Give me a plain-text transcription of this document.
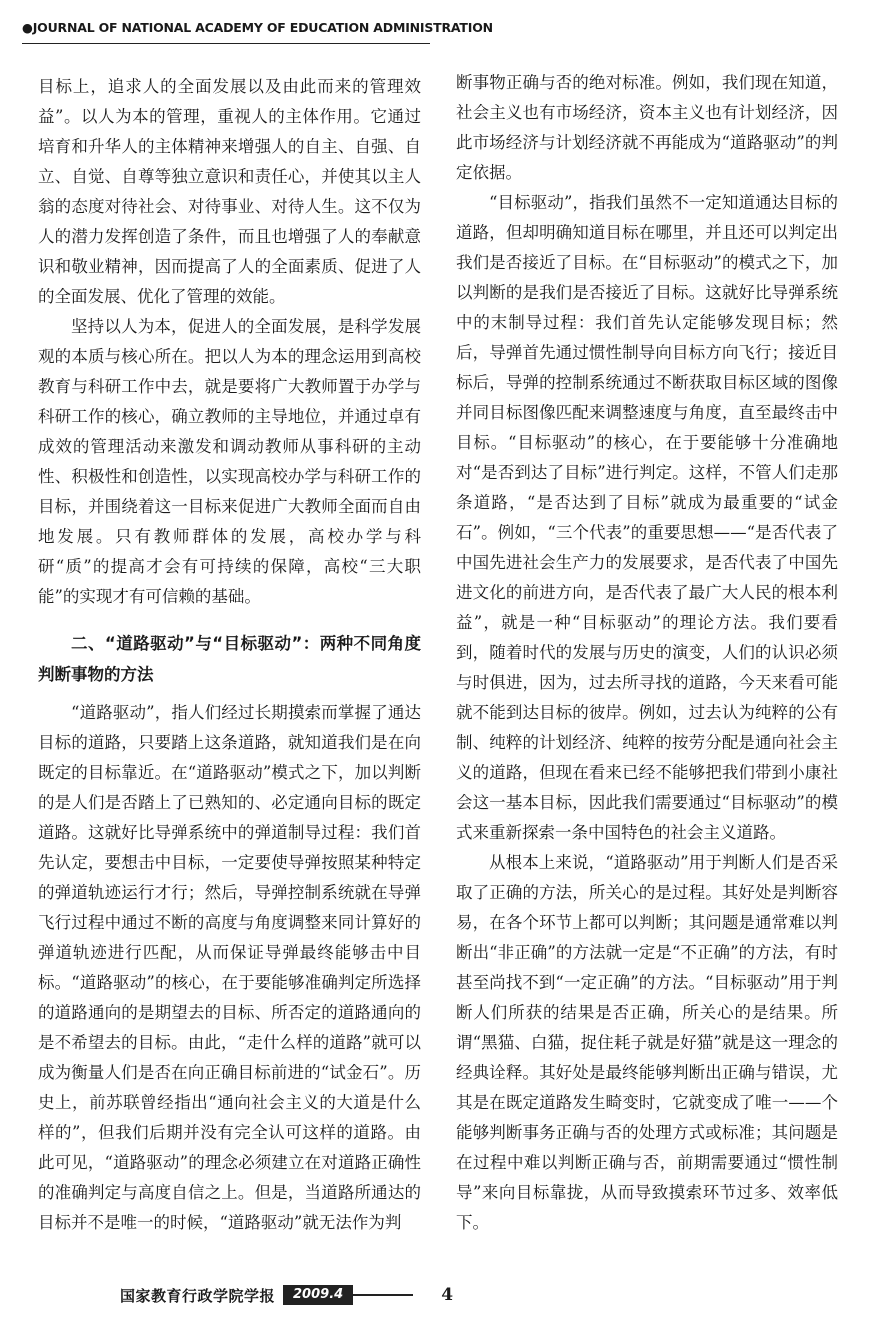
●JOURNAL OF NATIONAL ACADEMY OF EDUCATION ADMINISTRATION

目标上，追求人的全面发展以及由此而来的管理效益”。以人为本的管理，重视人的主体作用。它通过培育和升华人的主体精神来增强人的自主、自强、自立、自觉、自尊等独立意识和责任心，并使其以主人翁的态度对待社会、对待事业、对待人生。这不仅为人的潜力发挥创造了条件，而且也增强了人的奉献意识和敬业精神，因而提高了人的全面素质、促进了人的全面发展、优化了管理的效能。

坚持以人为本，促进人的全面发展，是科学发展观的本质与核心所在。把以人为本的理念运用到高校教育与科研工作中去，就是要将广大教师置于办学与科研工作的核心，确立教师的主导地位，并通过卓有成效的管理活动来激发和调动教师从事科研的主动性、积极性和创造性，以实现高校办学与科研工作的目标，并围绕着这一目标来促进广大教师全面而自由地发展。只有教师群体的发展，高校办学与科研“质”的提高才会有可持续的保障，高校“三大职能”的实现才有可信赖的基础。

二、“道路驱动”与“目标驱动”：两种不同角度判断事物的方法

“道路驱动”，指人们经过长期摸索而掌握了通达目标的道路，只要踏上这条道路，就知道我们是在向既定的目标靠近。在“道路驱动”模式之下，加以判断的是人们是否踏上了已熟知的、必定通向目标的既定道路。这就好比导弹系统中的弹道制导过程：我们首先认定，要想击中目标，一定要使导弹按照某种特定的弹道轨迹运行才行；然后，导弹控制系统就在导弹飞行过程中通过不断的高度与角度调整来同计算好的弹道轨迹进行匹配，从而保证导弹最终能够击中目标。“道路驱动”的核心，在于要能够准确判定所选择的道路通向的是期望去的目标、所否定的道路通向的是不希望去的目标。由此，“走什么样的道路”就可以成为衡量人们是否在向正确目标前进的“试金石”。历史上，前苏联曾经指出“通向社会主义的大道是什么样的”，但我们后期并没有完全认可这样的道路。由此可见，“道路驱动”的理念必须建立在对道路正确性的准确判定与高度自信之上。但是，当道路所通达的目标并不是唯一的时候，“道路驱动”就无法作为判

断事物正确与否的绝对标准。例如，我们现在知道，社会主义也有市场经济，资本主义也有计划经济，因此市场经济与计划经济就不再能成为“道路驱动”的判定依据。

“目标驱动”，指我们虽然不一定知道通达目标的道路，但却明确知道目标在哪里，并且还可以判定出我们是否接近了目标。在“目标驱动”的模式之下，加以判断的是我们是否接近了目标。这就好比导弹系统中的末制导过程：我们首先认定能够发现目标；然后，导弹首先通过惯性制导向目标方向飞行；接近目标后，导弹的控制系统通过不断获取目标区域的图像并同目标图像匹配来调整速度与角度，直至最终击中目标。“目标驱动”的核心，在于要能够十分准确地对“是否到达了目标”进行判定。这样，不管人们走那条道路，“是否达到了目标”就成为最重要的“试金石”。例如，“三个代表”的重要思想——“是否代表了中国先进社会生产力的发展要求，是否代表了中国先进文化的前进方向，是否代表了最广大人民的根本利益”，就是一种“目标驱动”的理论方法。我们要看到，随着时代的发展与历史的演变，人们的认识必须与时俱进，因为，过去所寻找的道路，今天来看可能就不能到达目标的彼岸。例如，过去认为纯粹的公有制、纯粹的计划经济、纯粹的按劳分配是通向社会主义的道路，但现在看来已经不能够把我们带到小康社会这一基本目标，因此我们需要通过“目标驱动”的模式来重新探索一条中国特色的社会主义道路。

从根本上来说，“道路驱动”用于判断人们是否采取了正确的方法，所关心的是过程。其好处是判断容易，在各个环节上都可以判断；其问题是通常难以判断出“非正确”的方法就一定是“不正确”的方法，有时甚至尚找不到“一定正确”的方法。“目标驱动”用于判断人们所获的结果是否正确，所关心的是结果。所谓“黑猫、白猫，捉住耗子就是好猫”就是这一理念的经典诠释。其好处是最终能够判断出正确与错误，尤其是在既定道路发生畸变时，它就变成了唯一——个能够判断事务正确与否的处理方式或标准；其问题是在过程中难以判断正确与否，前期需要通过“惯性制导”来向目标靠拢，从而导致摸索环节过多、效率低下。

国家教育行政学院学报	2009.4	4
